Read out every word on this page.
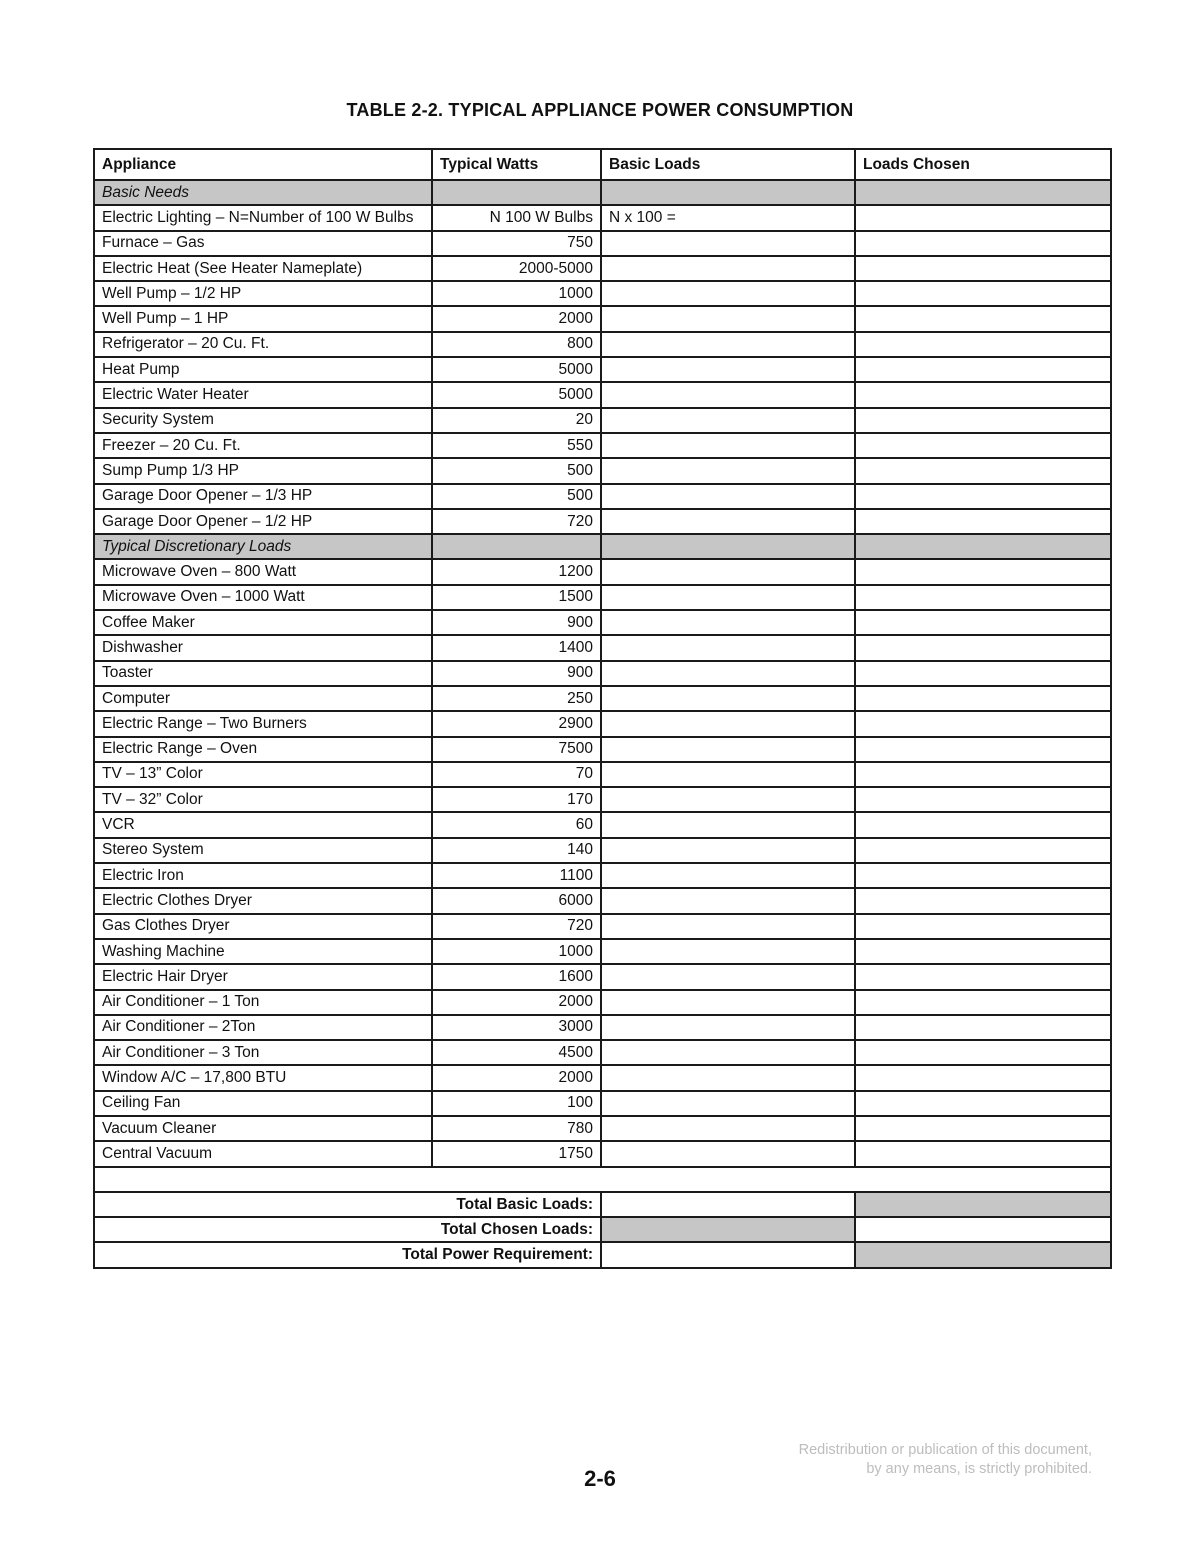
TABLE 2-2. TYPICAL APPLIANCE POWER CONSUMPTION
Appliance	Typical Watts	Basic Loads	Loads Chosen
Basic Needs			
Electric Lighting – N=Number of 100 W Bulbs	N 100 W Bulbs	N x 100 =	
Furnace – Gas	750		
Electric Heat (See Heater Nameplate)	2000-5000		
Well Pump – 1/2 HP	1000		
Well Pump – 1 HP	2000		
Refrigerator – 20 Cu. Ft.	800		
Heat Pump	5000		
Electric Water Heater	5000		
Security System	20		
Freezer – 20 Cu. Ft.	550		
Sump Pump 1/3 HP	500		
Garage Door Opener – 1/3 HP	500		
Garage Door Opener – 1/2 HP	720		
Typical Discretionary Loads			
Microwave Oven – 800 Watt	1200		
Microwave Oven – 1000 Watt	1500		
Coffee Maker	900		
Dishwasher	1400		
Toaster	900		
Computer	250		
Electric Range – Two Burners	2900		
Electric Range – Oven	7500		
TV – 13” Color	70		
TV – 32” Color	170		
VCR	60		
Stereo System	140		
Electric Iron	1100		
Electric Clothes Dryer	6000		
Gas Clothes Dryer	720		
Washing Machine	1000		
Electric Hair Dryer	1600		
Air Conditioner – 1 Ton	2000		
Air Conditioner – 2Ton	3000		
Air Conditioner – 3 Ton	4500		
Window A/C – 17,800 BTU	2000		
Ceiling Fan	100		
Vacuum Cleaner	780		
Central Vacuum	1750		

Total Basic Loads:			
Total Chosen Loads:			
Total Power Requirement:			
Redistribution or publication of this document,
by any means, is strictly prohibited.
2-6
